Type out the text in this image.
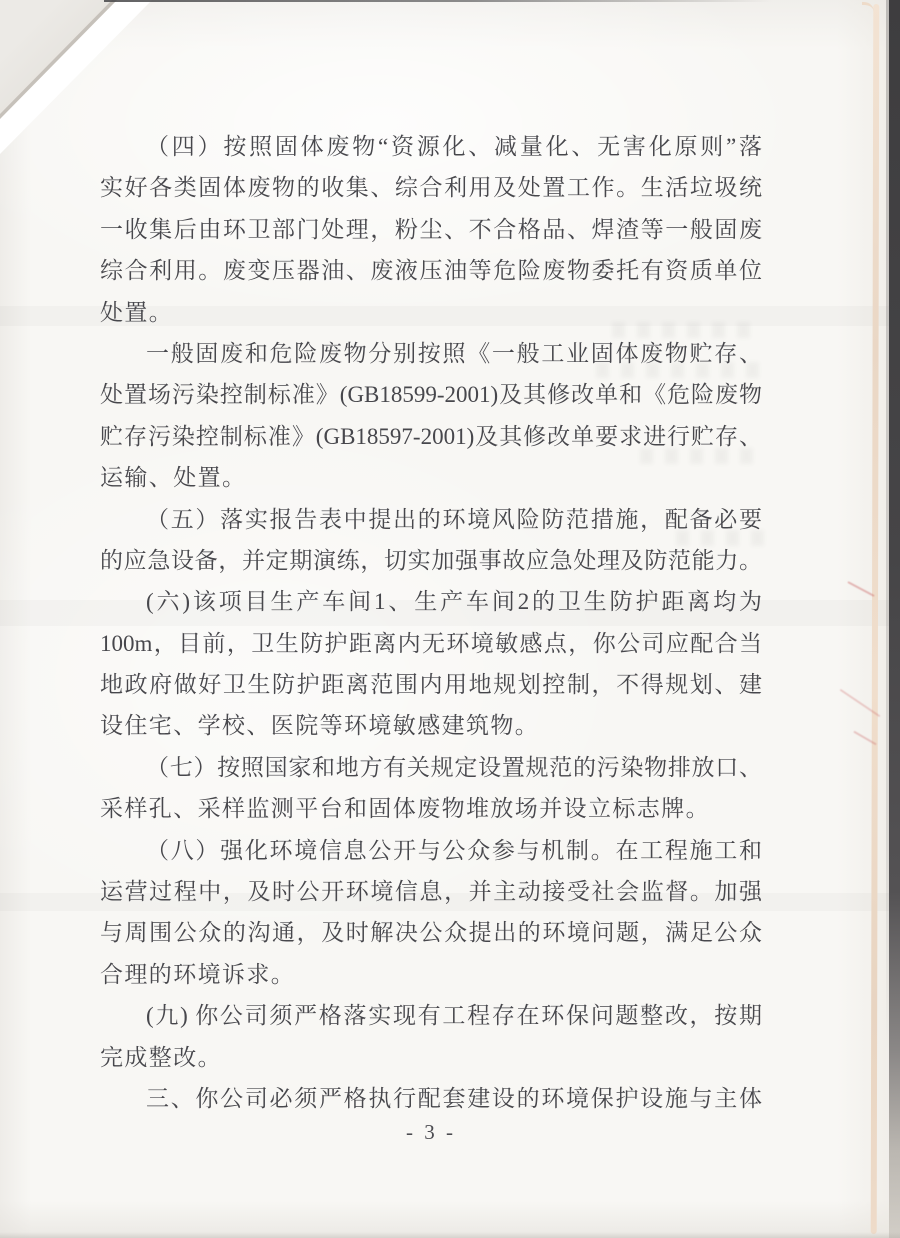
（四）按照固体废物“资源化、减量化、无害化原则”落
实好各类固体废物的收集、综合利用及处置工作。生活垃圾统
一收集后由环卫部门处理，粉尘、不合格品、焊渣等一般固废
综合利用。废变压器油、废液压油等危险废物委托有资质单位
处置。
一般固废和危险废物分别按照《一般工业固体废物贮存、
处置场污染控制标准》(GB18599-2001)及其修改单和《危险废物
贮存污染控制标准》(GB18597-2001)及其修改单要求进行贮存、
运输、处置。
（五）落实报告表中提出的环境风险防范措施，配备必要
的应急设备，并定期演练，切实加强事故应急处理及防范能力。
(六)该项目生产车间1、生产车间2的卫生防护距离均为
100m，目前，卫生防护距离内无环境敏感点，你公司应配合当
地政府做好卫生防护距离范围内用地规划控制，不得规划、建
设住宅、学校、医院等环境敏感建筑物。
（七）按照国家和地方有关规定设置规范的污染物排放口、
采样孔、采样监测平台和固体废物堆放场并设立标志牌。
（八）强化环境信息公开与公众参与机制。在工程施工和
运营过程中，及时公开环境信息，并主动接受社会监督。加强
与周围公众的沟通，及时解决公众提出的环境问题，满足公众
合理的环境诉求。
(九) 你公司须严格落实现有工程存在环保问题整改，按期
完成整改。
三、你公司必须严格执行配套建设的环境保护设施与主体
- 3 -
